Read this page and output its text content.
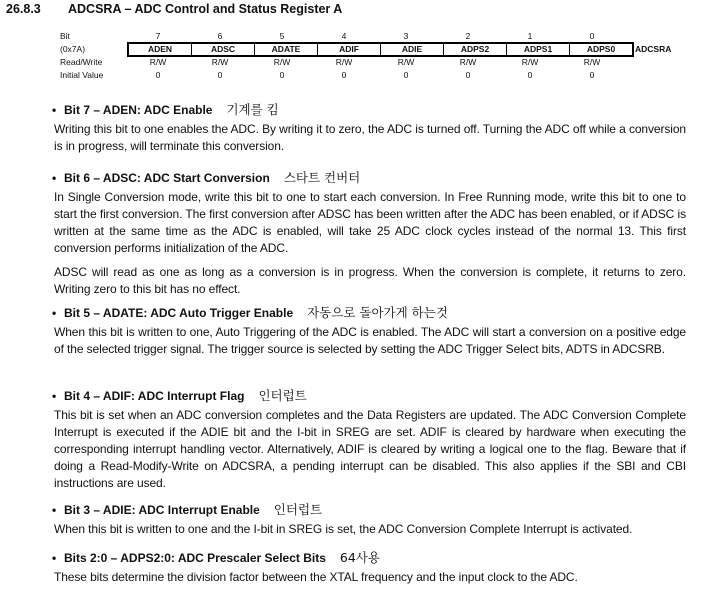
26.8.3 ADCSRA – ADC Control and Status Register A
Bit	7	6	5	4	3	2	1	0
(0x7A)	ADEN	ADSC	ADATE	ADIF	ADIE	ADPS2	ADPS1	ADPS0	ADCSRA
Read/Write	R/W	R/W	R/W	R/W	R/W	R/W	R/W	R/W
Initial Value	0	0	0	0	0	0	0	0
• Bit 7 – ADEN: ADC Enable 기계를 킴

Writing this bit to one enables the ADC. By writing it to zero, the ADC is turned off. Turning the ADC off while a conversion is in progress, will terminate this conversion.

• Bit 6 – ADSC: ADC Start Conversion 스타트 컨버터

In Single Conversion mode, write this bit to one to start each conversion. In Free Running mode, write this bit to one to start the first conversion. The first conversion after ADSC has been written after the ADC has been enabled, or if ADSC is written at the same time as the ADC is enabled, will take 25 ADC clock cycles instead of the normal 13. This first conversion performs initialization of the ADC.

ADSC will read as one as long as a conversion is in progress. When the conversion is complete, it returns to zero. Writing zero to this bit has no effect.

• Bit 5 – ADATE: ADC Auto Trigger Enable 자동으로 돌아가게 하는것

When this bit is written to one, Auto Triggering of the ADC is enabled. The ADC will start a conversion on a positive edge of the selected trigger signal. The trigger source is selected by setting the ADC Trigger Select bits, ADTS in ADCSRB.

• Bit 4 – ADIF: ADC Interrupt Flag 인터럽트

This bit is set when an ADC conversion completes and the Data Registers are updated. The ADC Conversion Complete Interrupt is executed if the ADIE bit and the I-bit in SREG are set. ADIF is cleared by hardware when executing the corresponding interrupt handling vector. Alternatively, ADIF is cleared by writing a logical one to the flag. Beware that if doing a Read-Modify-Write on ADCSRA, a pending interrupt can be disabled. This also applies if the SBI and CBI instructions are used.

• Bit 3 – ADIE: ADC Interrupt Enable 인터럽트

When this bit is written to one and the I-bit in SREG is set, the ADC Conversion Complete Interrupt is activated.

• Bits 2:0 – ADPS2:0: ADC Prescaler Select Bits 64사용

These bits determine the division factor between the XTAL frequency and the input clock to the ADC.
